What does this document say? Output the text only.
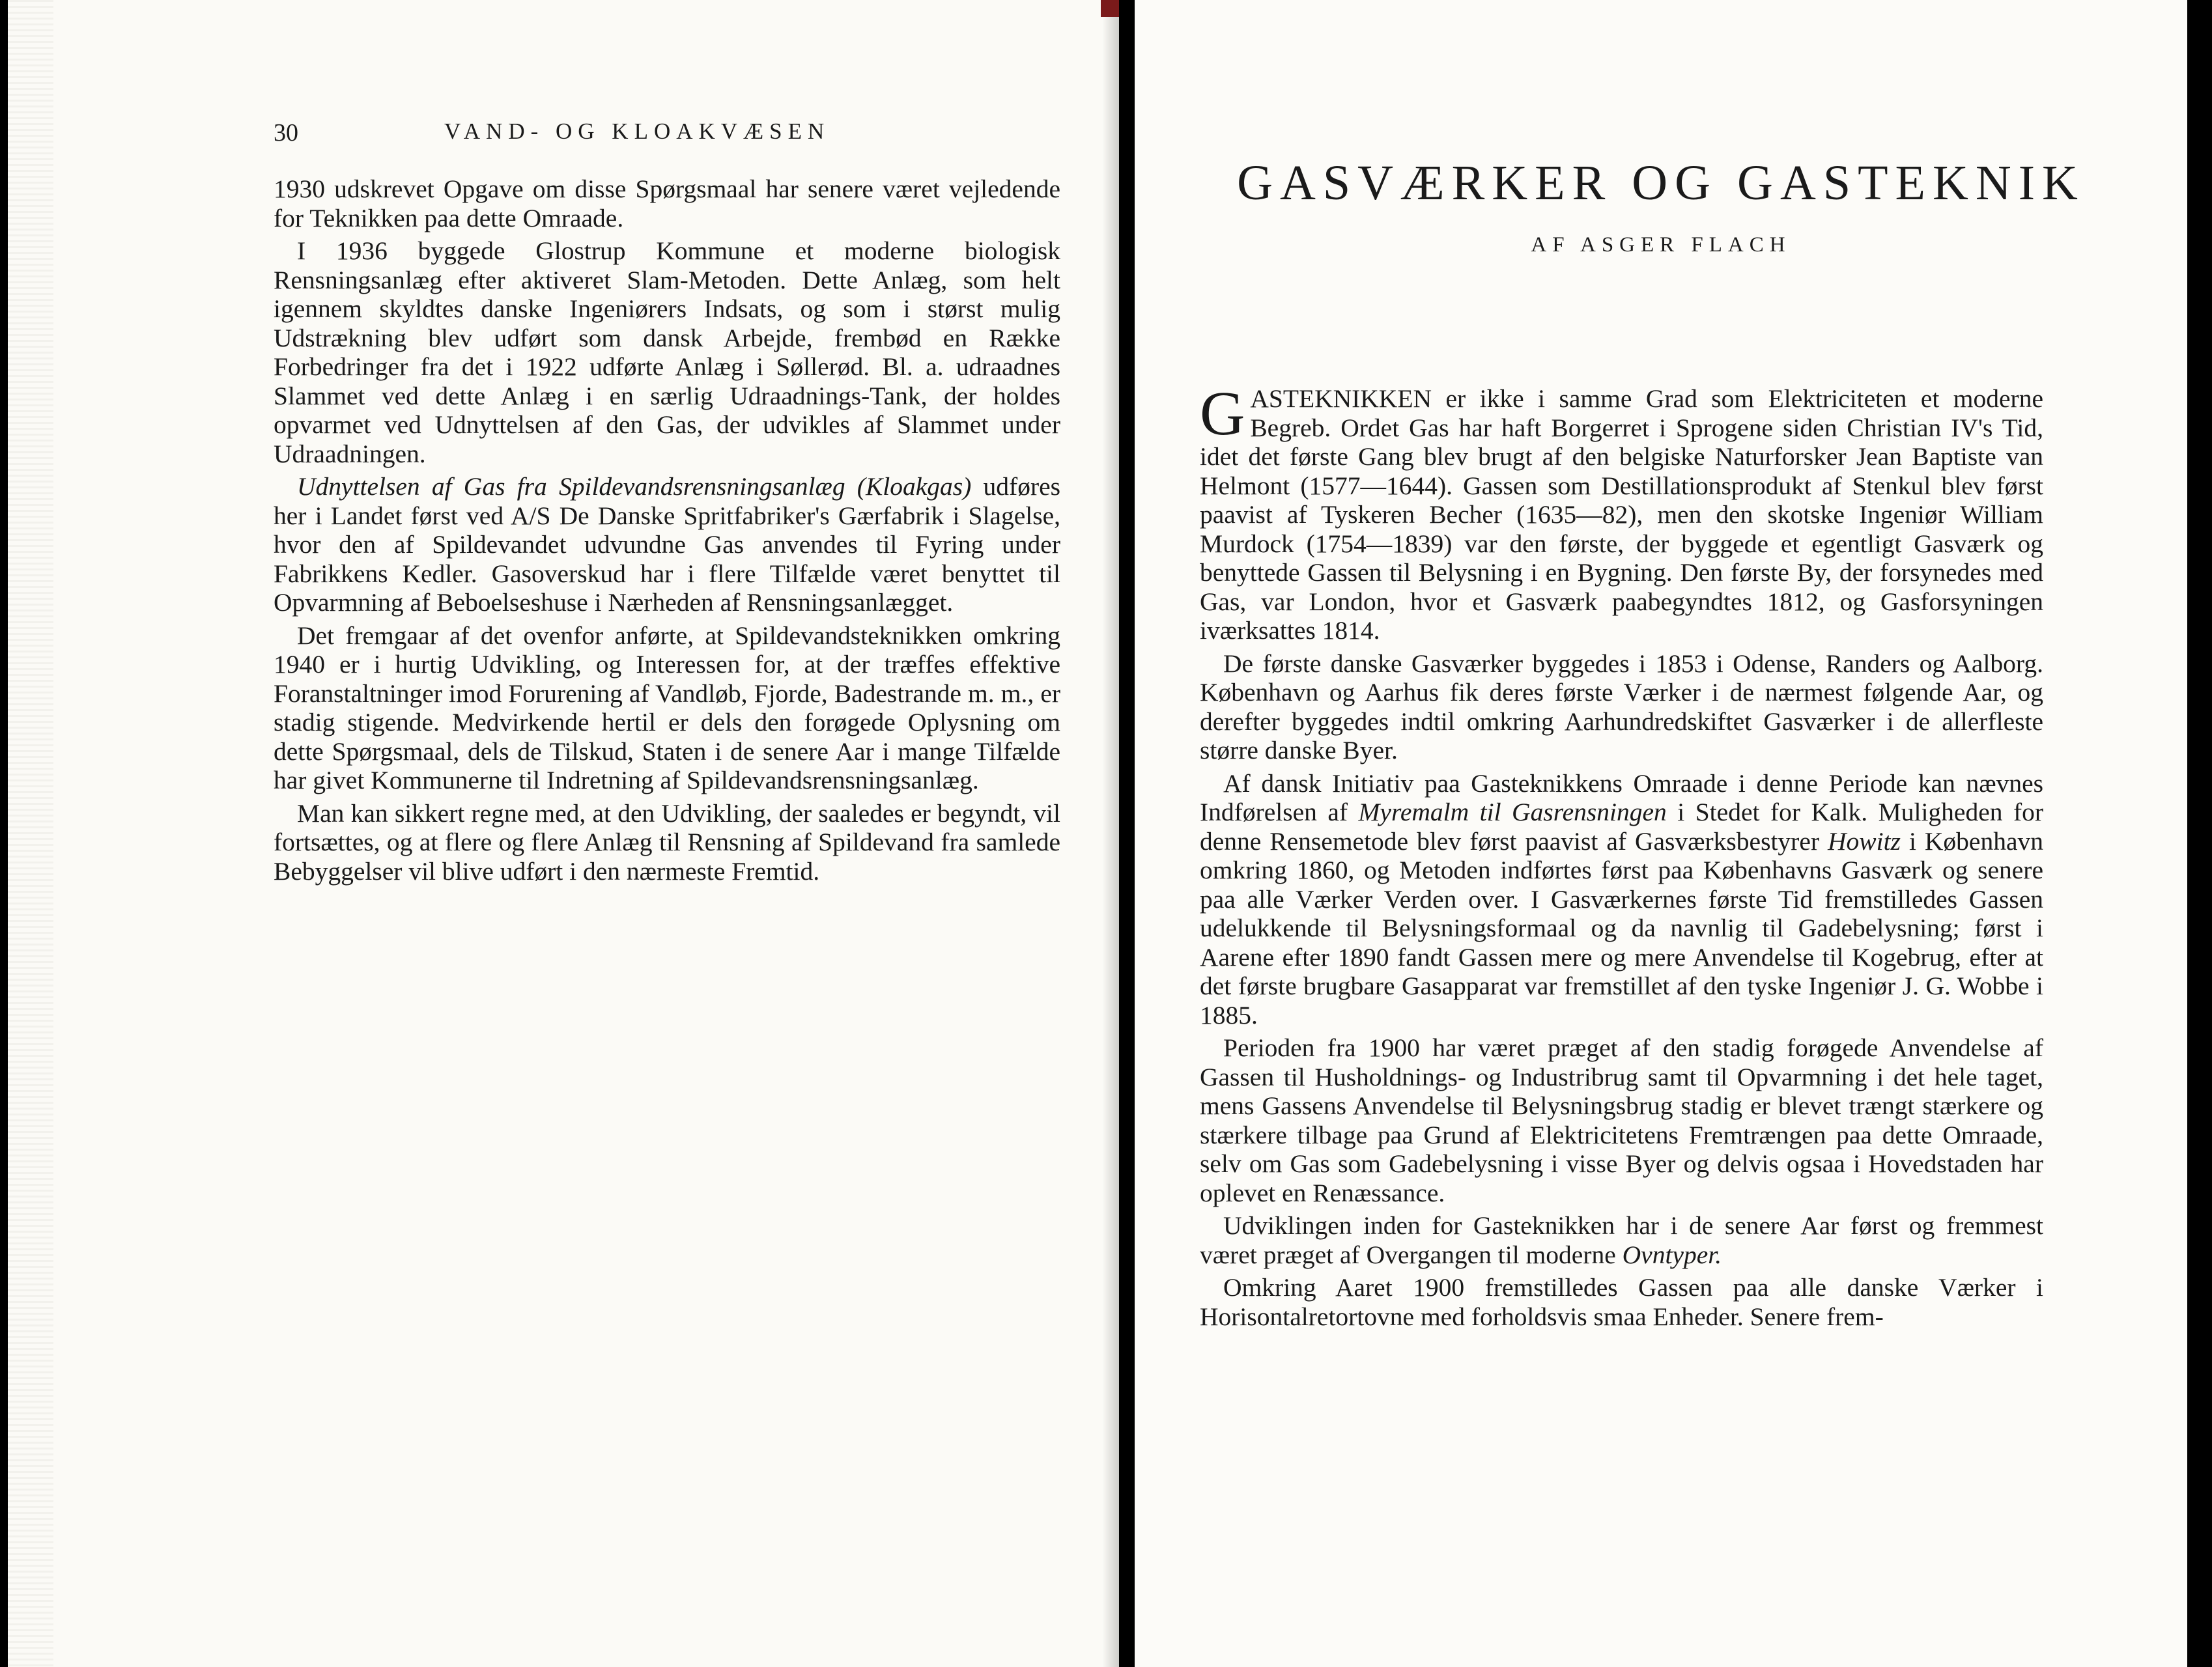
30	VAND- OG KLOAKVÆSEN

1930 udskrevet Opgave om disse Spørgsmaal har senere været vejledende for Teknikken paa dette Omraade.

I 1936 byggede Glostrup Kommune et moderne biologisk Rensningsanlæg efter aktiveret Slam-Metoden. Dette Anlæg, som helt igennem skyldtes danske Ingeniørers Indsats, og som i størst mulig Udstrækning blev udført som dansk Arbejde, frembød en Række Forbedringer fra det i 1922 udførte Anlæg i Søllerød. Bl. a. udraadnes Slammet ved dette Anlæg i en særlig Udraadnings-Tank, der holdes opvarmet ved Udnyttelsen af den Gas, der udvikles af Slammet under Udraadningen.

Udnyttelsen af Gas fra Spildevandsrensningsanlæg (Kloakgas) udføres her i Landet først ved A/S De Danske Spritfabriker's Gærfabrik i Slagelse, hvor den af Spildevandet udvundne Gas anvendes til Fyring under Fabrikkens Kedler. Gasoverskud har i flere Tilfælde været benyttet til Opvarmning af Beboelseshuse i Nærheden af Rensningsanlægget.

Det fremgaar af det ovenfor anførte, at Spildevandsteknikken omkring 1940 er i hurtig Udvikling, og Interessen for, at der træffes effektive Foranstaltninger imod Forurening af Vandløb, Fjorde, Badestrande m. m., er stadig stigende. Medvirkende hertil er dels den forøgede Oplysning om dette Spørgsmaal, dels de Tilskud, Staten i de senere Aar i mange Tilfælde har givet Kommunerne til Indretning af Spildevandsrensningsanlæg.

Man kan sikkert regne med, at den Udvikling, der saaledes er begyndt, vil fortsættes, og at flere og flere Anlæg til Rensning af Spildevand fra samlede Bebyggelser vil blive udført i den nærmeste Fremtid.

GASVÆRKER OG GASTEKNIK
AF ASGER FLACH

GASTEKNIKKEN er ikke i samme Grad som Elektriciteten et moderne Begreb. Ordet Gas har haft Borgerret i Sprogene siden Christian IV's Tid, idet det første Gang blev brugt af den belgiske Naturforsker Jean Baptiste van Helmont (1577—1644). Gassen som Destillationsprodukt af Stenkul blev først paavist af Tyskeren Becher (1635—82), men den skotske Ingeniør William Murdock (1754—1839) var den første, der byggede et egentligt Gasværk og benyttede Gassen til Belysning i en Bygning. Den første By, der forsynedes med Gas, var London, hvor et Gasværk paabegyndtes 1812, og Gasforsyningen iværksattes 1814.

De første danske Gasværker byggedes i 1853 i Odense, Randers og Aalborg. København og Aarhus fik deres første Værker i de nærmest følgende Aar, og derefter byggedes indtil omkring Aarhundredskiftet Gasværker i de allerfleste større danske Byer.

Af dansk Initiativ paa Gasteknikkens Omraade i denne Periode kan nævnes Indførelsen af Myremalm til Gasrensningen i Stedet for Kalk. Muligheden for denne Rensemetode blev først paavist af Gasværksbestyrer Howitz i København omkring 1860, og Metoden indførtes først paa Københavns Gasværk og senere paa alle Værker Verden over. I Gasværkernes første Tid fremstilledes Gassen udelukkende til Belysningsformaal og da navnlig til Gadebelysning; først i Aarene efter 1890 fandt Gassen mere og mere Anvendelse til Kogebrug, efter at det første brugbare Gasapparat var fremstillet af den tyske Ingeniør J. G. Wobbe i 1885.

Perioden fra 1900 har været præget af den stadig forøgede Anvendelse af Gassen til Husholdnings- og Industribrug samt til Opvarmning i det hele taget, mens Gassens Anvendelse til Belysningsbrug stadig er blevet trængt stærkere og stærkere tilbage paa Grund af Elektricitetens Fremtrængen paa dette Omraade, selv om Gas som Gadebelysning i visse Byer og delvis ogsaa i Hovedstaden har oplevet en Renæssance.

Udviklingen inden for Gasteknikken har i de senere Aar først og fremmest været præget af Overgangen til moderne Ovntyper.

Omkring Aaret 1900 fremstilledes Gassen paa alle danske Værker i Horisontalretortovne med forholdsvis smaa Enheder. Senere frem-
